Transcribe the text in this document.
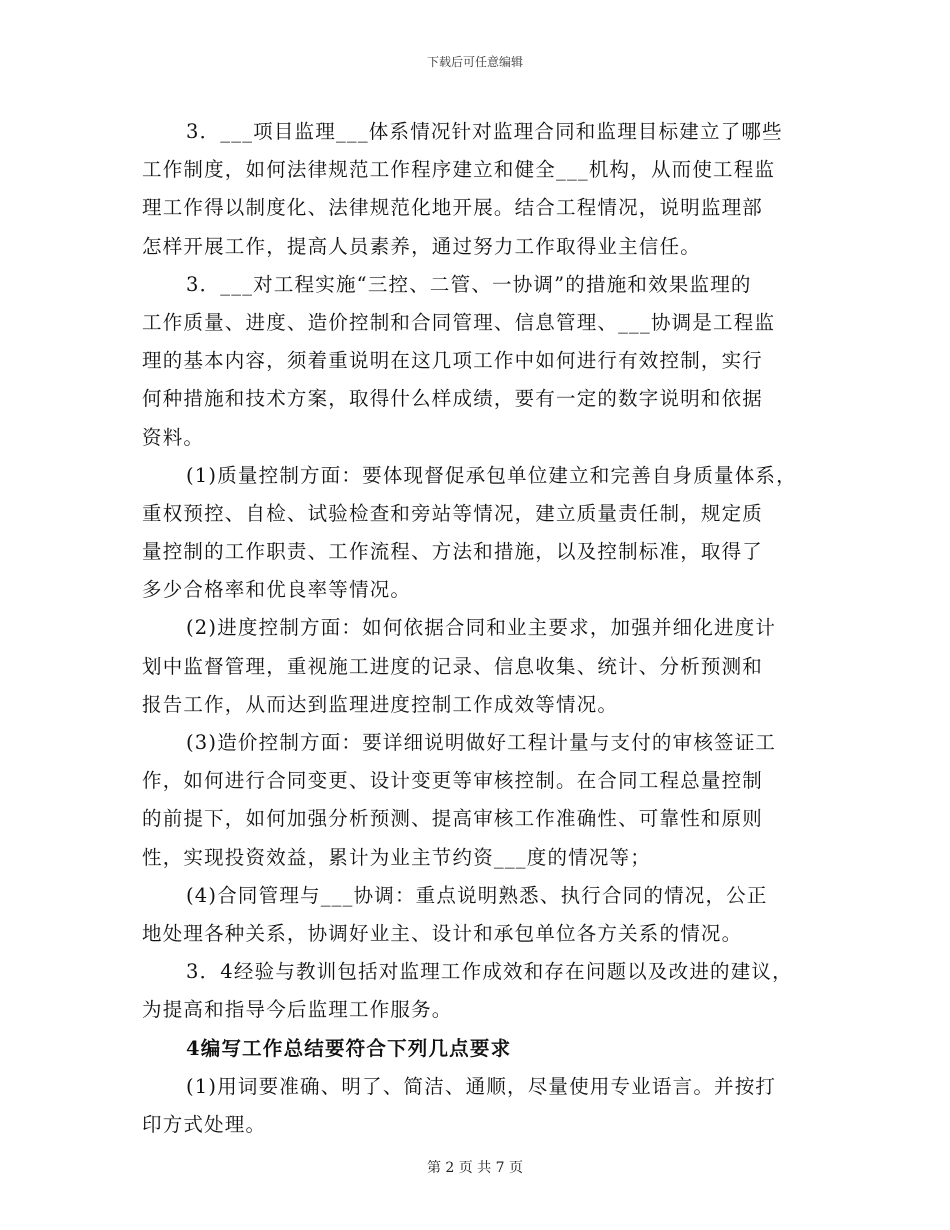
下载后可任意编辑
3．___项目监理___体系情况针对监理合同和监理目标建立了哪些
工作制度，如何法律规范工作程序建立和健全___机构，从而使工程监
理工作得以制度化、法律规范化地开展。结合工程情况，说明监理部
怎样开展工作，提高人员素养，通过努力工作取得业主信任。
3．___对工程实施“三控、二管、一协调”的措施和效果监理的
工作质量、进度、造价控制和合同管理、信息管理、___协调是工程监
理的基本内容，须着重说明在这几项工作中如何进行有效控制，实行
何种措施和技术方案，取得什么样成绩，要有一定的数字说明和依据
资料。
(1)质量控制方面：要体现督促承包单位建立和完善自身质量体系，
重权预控、自检、试验检查和旁站等情况，建立质量责任制，规定质
量控制的工作职责、工作流程、方法和措施，以及控制标准，取得了
多少合格率和优良率等情况。
(2)进度控制方面：如何依据合同和业主要求，加强并细化进度计
划中监督管理，重视施工进度的记录、信息收集、统计、分析预测和
报告工作，从而达到监理进度控制工作成效等情况。
(3)造价控制方面：要详细说明做好工程计量与支付的审核签证工
作，如何进行合同变更、设计变更等审核控制。在合同工程总量控制
的前提下，如何加强分析预测、提高审核工作准确性、可靠性和原则
性，实现投资效益，累计为业主节约资___度的情况等；
(4)合同管理与___协调：重点说明熟悉、执行合同的情况，公正
地处理各种关系，协调好业主、设计和承包单位各方关系的情况。
3．4经验与教训包括对监理工作成效和存在问题以及改进的建议，
为提高和指导今后监理工作服务。
4编写工作总结要符合下列几点要求
(1)用词要准确、明了、简洁、通顺，尽量使用专业语言。并按打
印方式处理。
第 2 页 共 7 页
